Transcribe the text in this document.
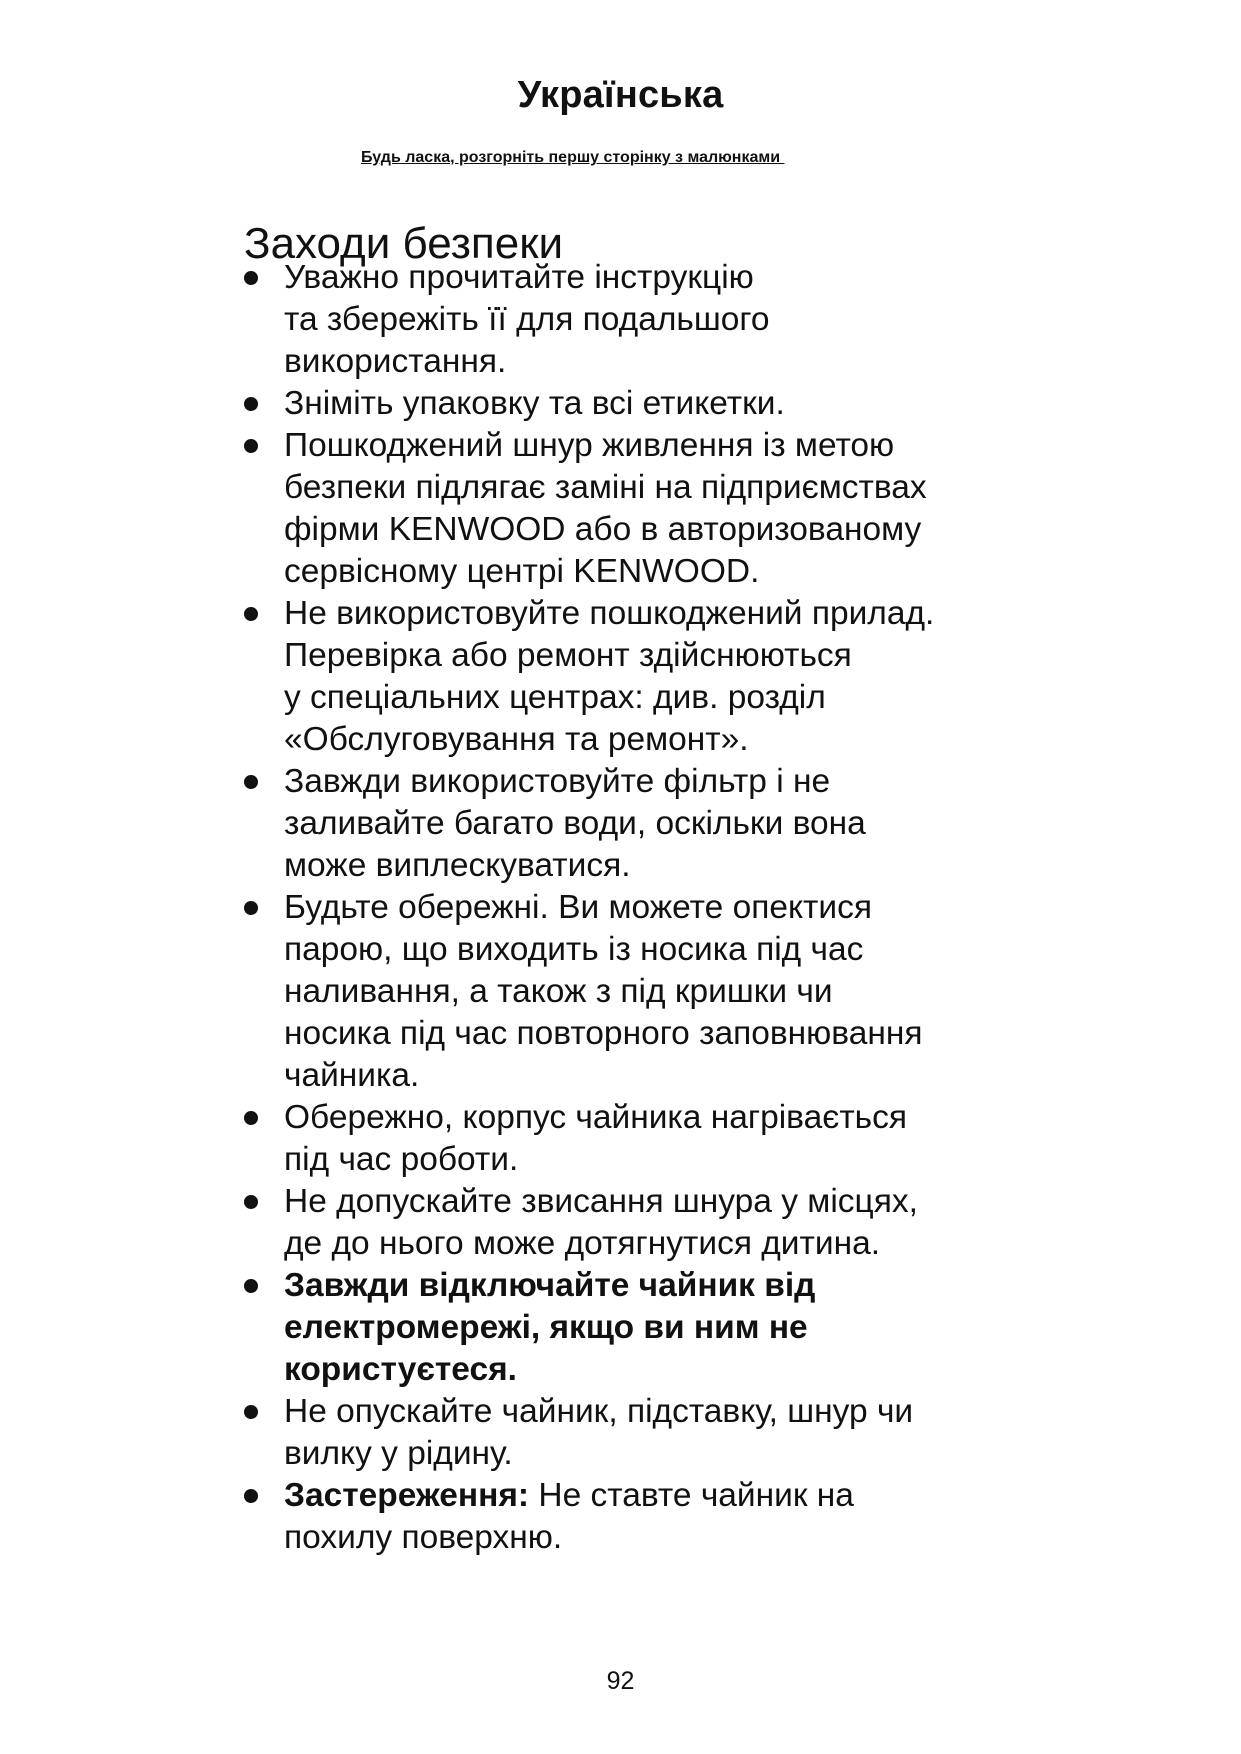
Українська
Будь ласка, розгорніть першу сторінку з малюнками
Заходи безпеки
Уважно прочитайте інструкцію
та збережіть її для подальшого
використання.
Зніміть упаковку та всі етикетки.
Пошкоджений шнур живлення із метою
безпеки підлягає заміні на підприємствах
фірми KENWOOD або в авторизованому
сервісному центрі KENWOOD.
Не використовуйте пошкоджений прилад.
Перевірка або ремонт здійснюються
у спеціальних центрах: див. розділ
«Обслуговування та ремонт».
Завжди використовуйте фільтр і не
заливайте багато води, оскільки вона
може виплескуватися.
Будьте обережні. Ви можете опектися
парою, що виходить із носика під час
наливання, а також з під кришки чи
носика під час повторного заповнювання
чайника.
Обережно, корпус чайника нагрівається
під час роботи.
Не допускайте звисання шнура у місцях,
де до нього може дотягнутися дитина.
Завжди відключайте чайник від
електромережі, якщо ви ним не
користуєтеся.
Не опускайте чайник, підставку, шнур чи
вилку у рідину.
Застереження: Не ставте чайник на
похилу поверхню.
92
